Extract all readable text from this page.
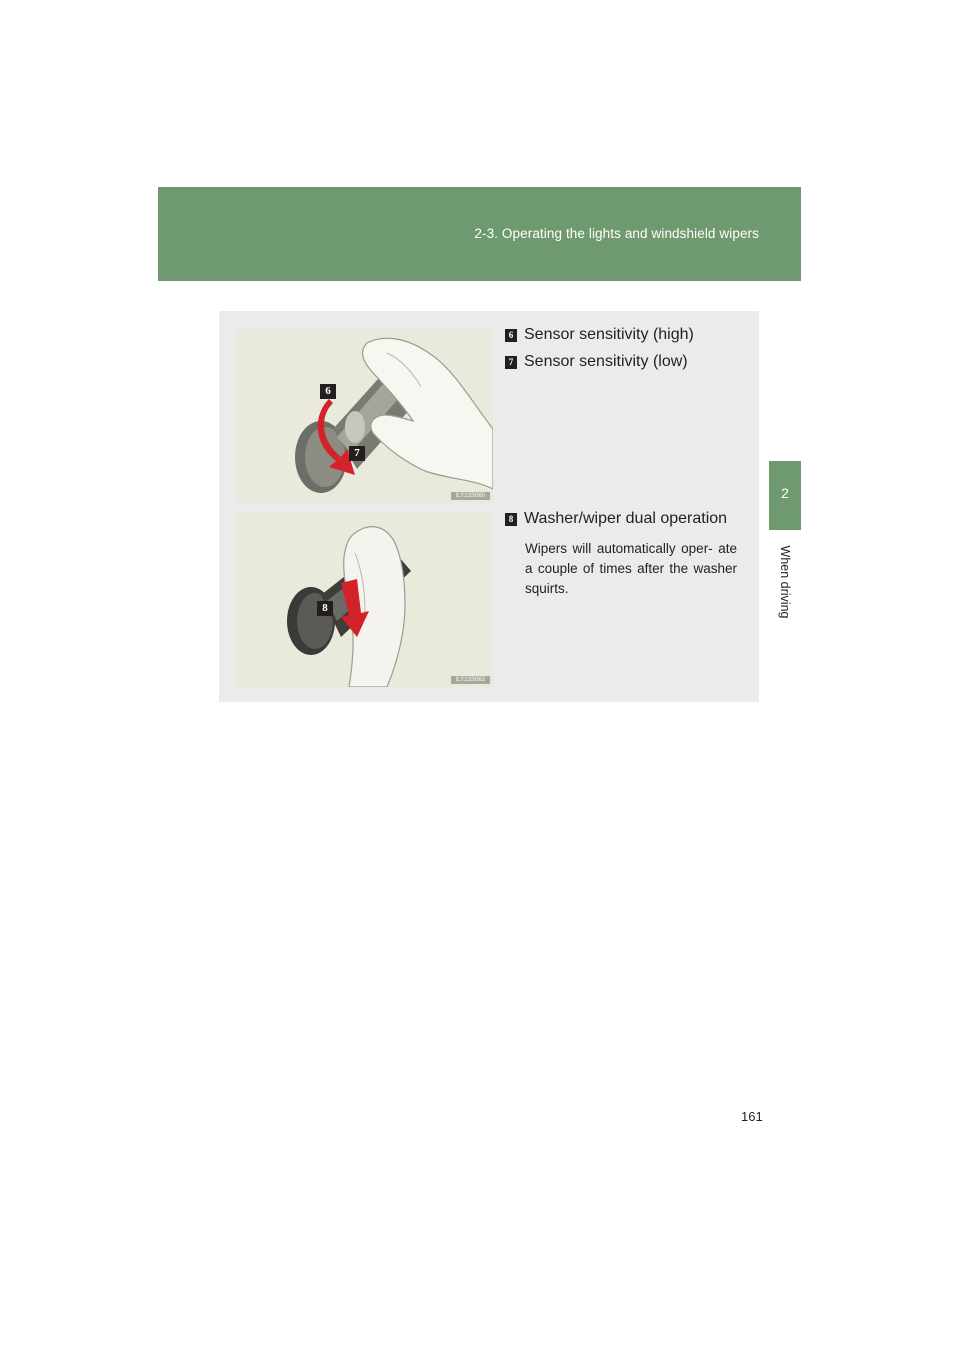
2-3. Operating the lights and windshield wipers
2
When driving
6
7
ILY23S060
8
ILY23S062
6 Sensor sensitivity (high)
7 Sensor sensitivity (low)
8 Washer/wiper dual operation
Wipers will automatically oper- ate a couple of times after the washer squirts.
161
